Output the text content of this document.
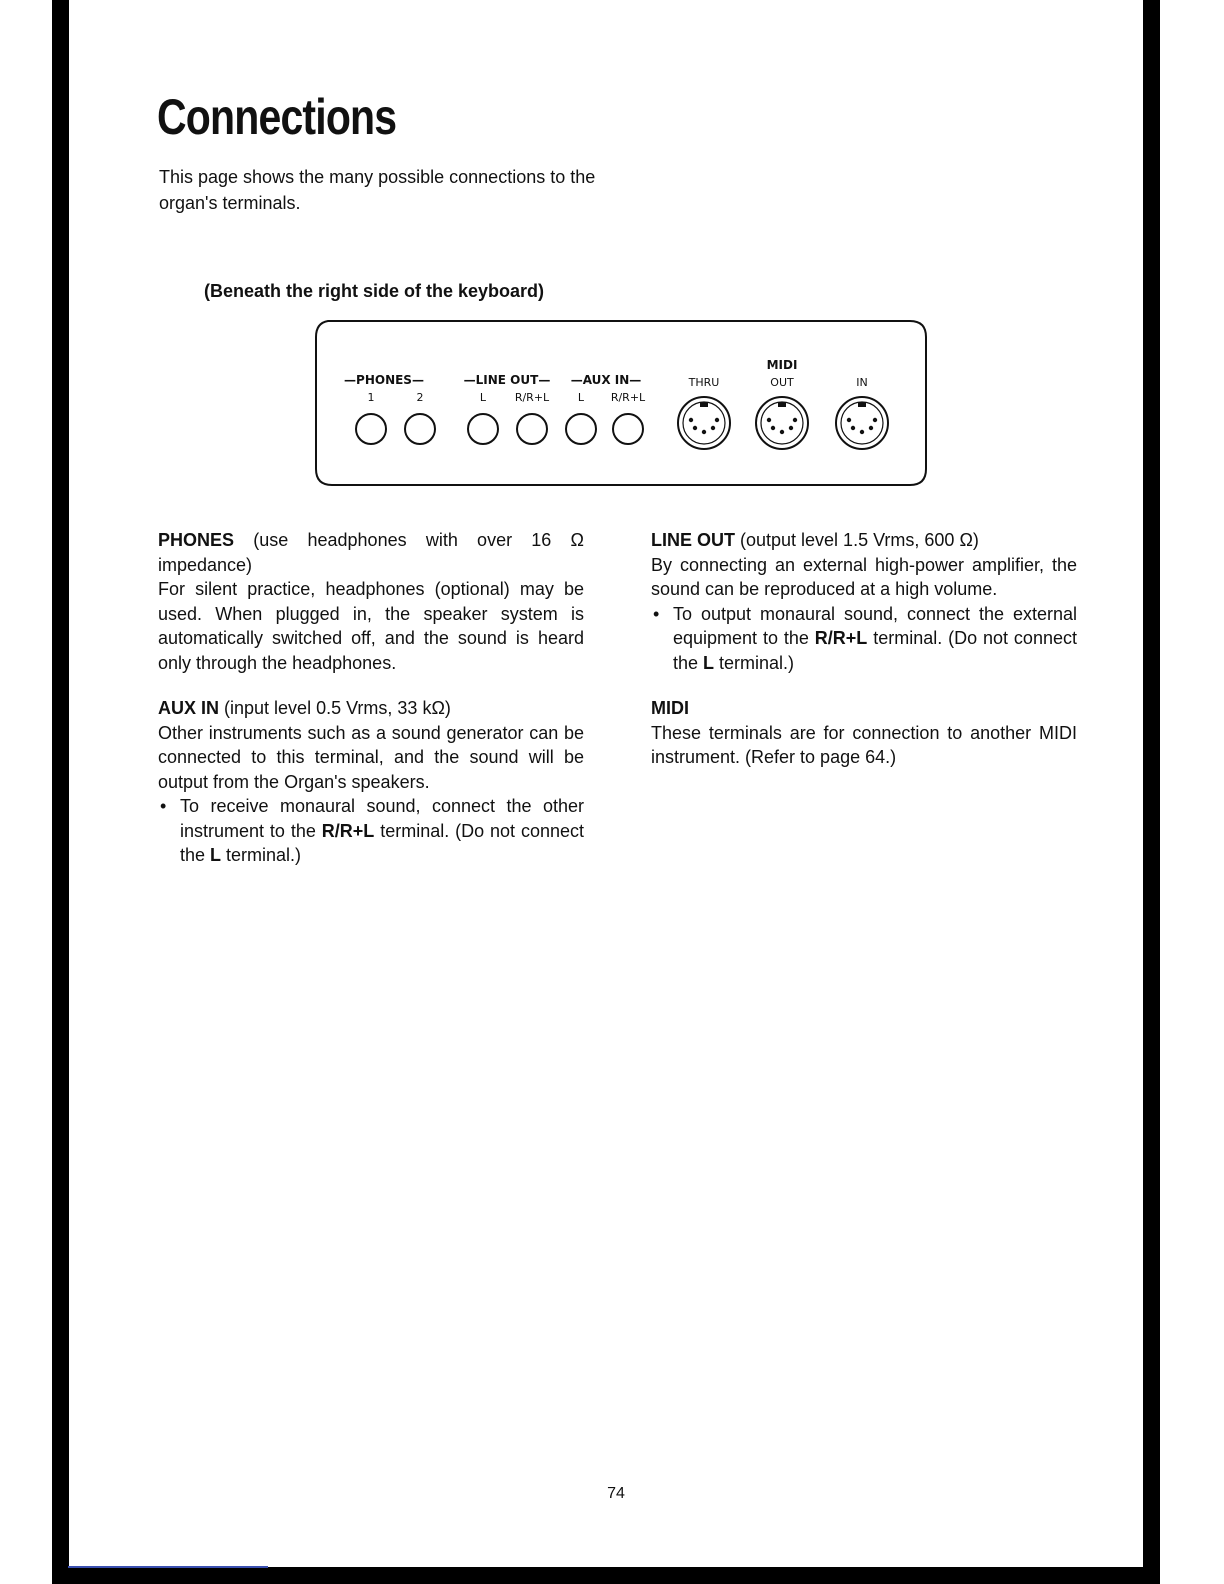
Connections

This page shows the many possible connections to the organ's terminals.

(Beneath the right side of the keyboard)

—PHONES—
1	2
—LINE OUT—
L	R/R+L
—AUX IN—
L R/R+L
MIDI
THRU	OUT	IN

PHONES (use headphones with over 16 Ω impedance)

For silent practice, headphones (optional) may be used. When plugged in, the speaker system is automatically switched off, and the sound is heard only through the headphones.

AUX IN (input level 0.5 Vrms, 33 kΩ)

Other instruments such as a sound generator can be connected to this terminal, and the sound will be output from the Organ's speakers.

• To receive monaural sound, connect the other instrument to the R/R+L terminal. (Do not connect the L terminal.)

LINE OUT (output level 1.5 Vrms, 600 Ω)

By connecting an external high-power amplifier, the sound can be reproduced at a high volume.

• To output monaural sound, connect the external equipment to the R/R+L terminal. (Do not connect the L terminal.)

MIDI

These terminals are for connection to another MIDI instrument. (Refer to page 64.)

74
